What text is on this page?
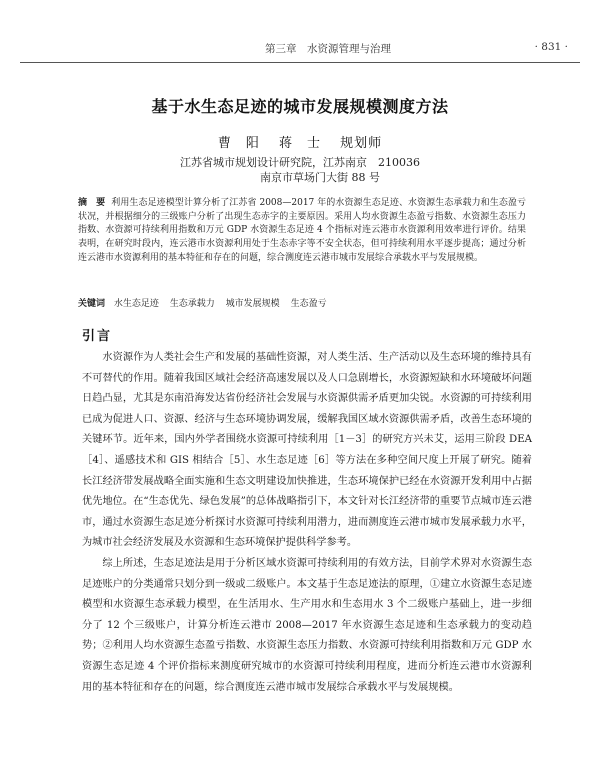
第三章　水资源管理与治理	· 831 ·
基于水生态足迹的城市发展规模测度方法
曹　阳 蒋　士 规划师
江苏省城市规划设计研究院，江苏南京　210036
南京市草场门大街 88 号
摘　要 利用生态足迹模型计算分析了江苏省 2008—2017 年的水资源生态足迹、水资源生态承载力和生态盈亏状况，并根据细分的三级账户分析了出现生态赤字的主要原因。采用人均水资源生态盈亏指数、水资源生态压力指数、水资源可持续利用指数和万元 GDP 水资源生态足迹 4 个指标对连云港市水资源利用效率进行评价。结果表明，在研究时段内，连云港市水资源利用处于生态赤字等不安全状态，但可持续利用水平逐步提高；通过分析连云港市水资源利用的基本特征和存在的问题，综合测度连云港市城市发展综合承载水平与发展规模。
关键词 水生态足迹 生态承载力 城市发展规模 生态盈亏
引言

水资源作为人类社会生产和发展的基础性资源，对人类生活、生产活动以及生态环境的维持具有不可替代的作用。随着我国区域社会经济高速发展以及人口急剧增长，水资源短缺和水环境破坏问题日趋凸显，尤其是东南沿海发达省份经济社会发展与水资源供需矛盾更加尖锐。水资源的可持续利用已成为促进人口、资源、经济与生态环境协调发展，缓解我国区域水资源供需矛盾，改善生态环境的关键环节。近年来，国内外学者围绕水资源可持续利用［1－3］的研究方兴未艾，运用三阶段 DEA［4］、遥感技术和 GIS 相结合［5］、水生态足迹［6］等方法在多种空间尺度上开展了研究。随着长江经济带发展战略全面实施和生态文明建设加快推进，生态环境保护已经在水资源开发利用中占据优先地位。在“生态优先、绿色发展”的总体战略指引下，本文针对长江经济带的重要节点城市连云港市，通过水资源生态足迹分析探讨水资源可持续利用潜力，进而测度连云港市城市发展承载力水平，为城市社会经济发展及水资源和生态环境保护提供科学参考。

综上所述，生态足迹法是用于分析区域水资源可持续利用的有效方法，目前学术界对水资源生态足迹账户的分类通常只划分到一级或二级账户。本文基于生态足迹法的原理，①建立水资源生态足迹模型和水资源生态承载力模型，在生活用水、生产用水和生态用水 3 个二级账户基础上，进一步细分了 12 个三级账户，计算分析连云港市 2008—2017 年水资源生态足迹和生态承载力的变动趋势；②利用人均水资源生态盈亏指数、水资源生态压力指数、水资源可持续利用指数和万元 GDP 水资源生态足迹 4 个评价指标来测度研究城市的水资源可持续利用程度，进而分析连云港市水资源利用的基本特征和存在的问题，综合测度连云港市城市发展综合承载水平与发展规模。
